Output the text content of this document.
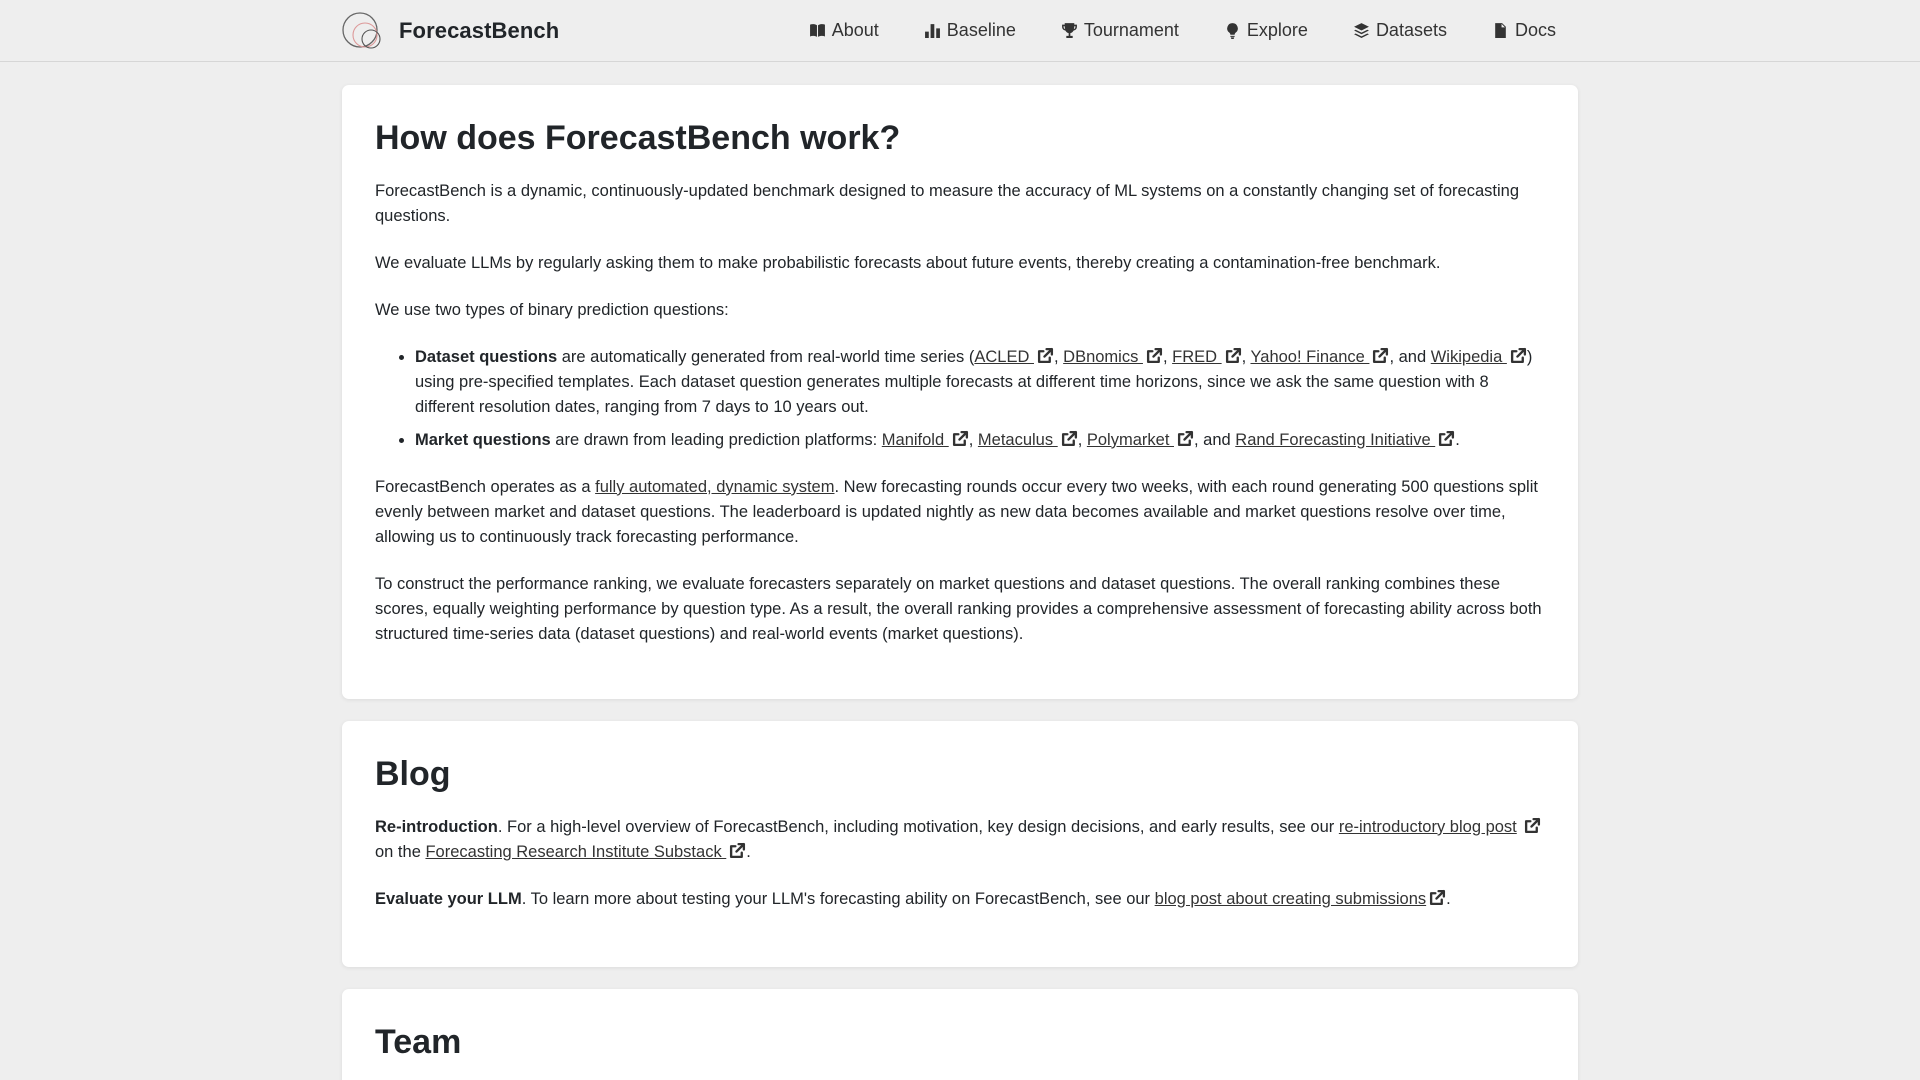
ForecastBench	About	Baseline	Tournament	Explore	Datasets	Docs
How does ForecastBench work?

ForecastBench is a dynamic, continuously-updated benchmark designed to measure the accuracy of ML systems on a constantly changing set of forecasting questions.

We evaluate LLMs by regularly asking them to make probabilistic forecasts about future events, thereby creating a contamination-free benchmark.

We use two types of binary prediction questions:

• Dataset questions are automatically generated from real-world time series (ACLED , DBnomics , FRED , Yahoo! Finance , and Wikipedia ) using pre-specified templates. Each dataset question generates multiple forecasts at different time horizons, since we ask the same question with 8 different resolution dates, ranging from 7 days to 10 years out.
• Market questions are drawn from leading prediction platforms: Manifold , Metaculus , Polymarket , and Rand Forecasting Initiative .

ForecastBench operates as a fully automated, dynamic system. New forecasting rounds occur every two weeks, with each round generating 500 questions split evenly between market and dataset questions. The leaderboard is updated nightly as new data becomes available and market questions resolve over time, allowing us to continuously track forecasting performance.

To construct the performance ranking, we evaluate forecasters separately on market questions and dataset questions. The overall ranking combines these scores, equally weighting performance by question type. As a result, the overall ranking provides a comprehensive assessment of forecasting ability across both structured time-series data (dataset questions) and real-world events (market questions).

Blog

Re-introduction. For a high-level overview of ForecastBench, including motivation, key design decisions, and early results, see our re-introductory blog post  on the Forecasting Research Institute Substack .

Evaluate your LLM. To learn more about testing your LLM's forecasting ability on ForecastBench, see our blog post about creating submissions .

Team
